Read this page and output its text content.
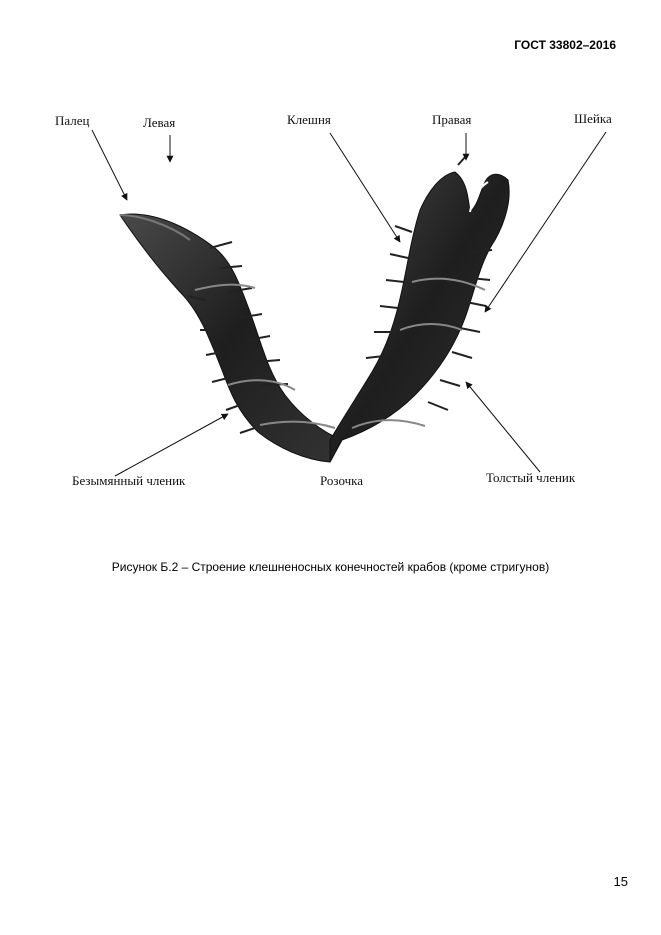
ГОСТ 33802–2016
Палец	Левая	Клешня	Правая	Шейка
Безымянный членик	Розочка	Толстый членик
Рисунок Б.2 – Строение клешненосных конечностей крабов (кроме стригунов)
15
